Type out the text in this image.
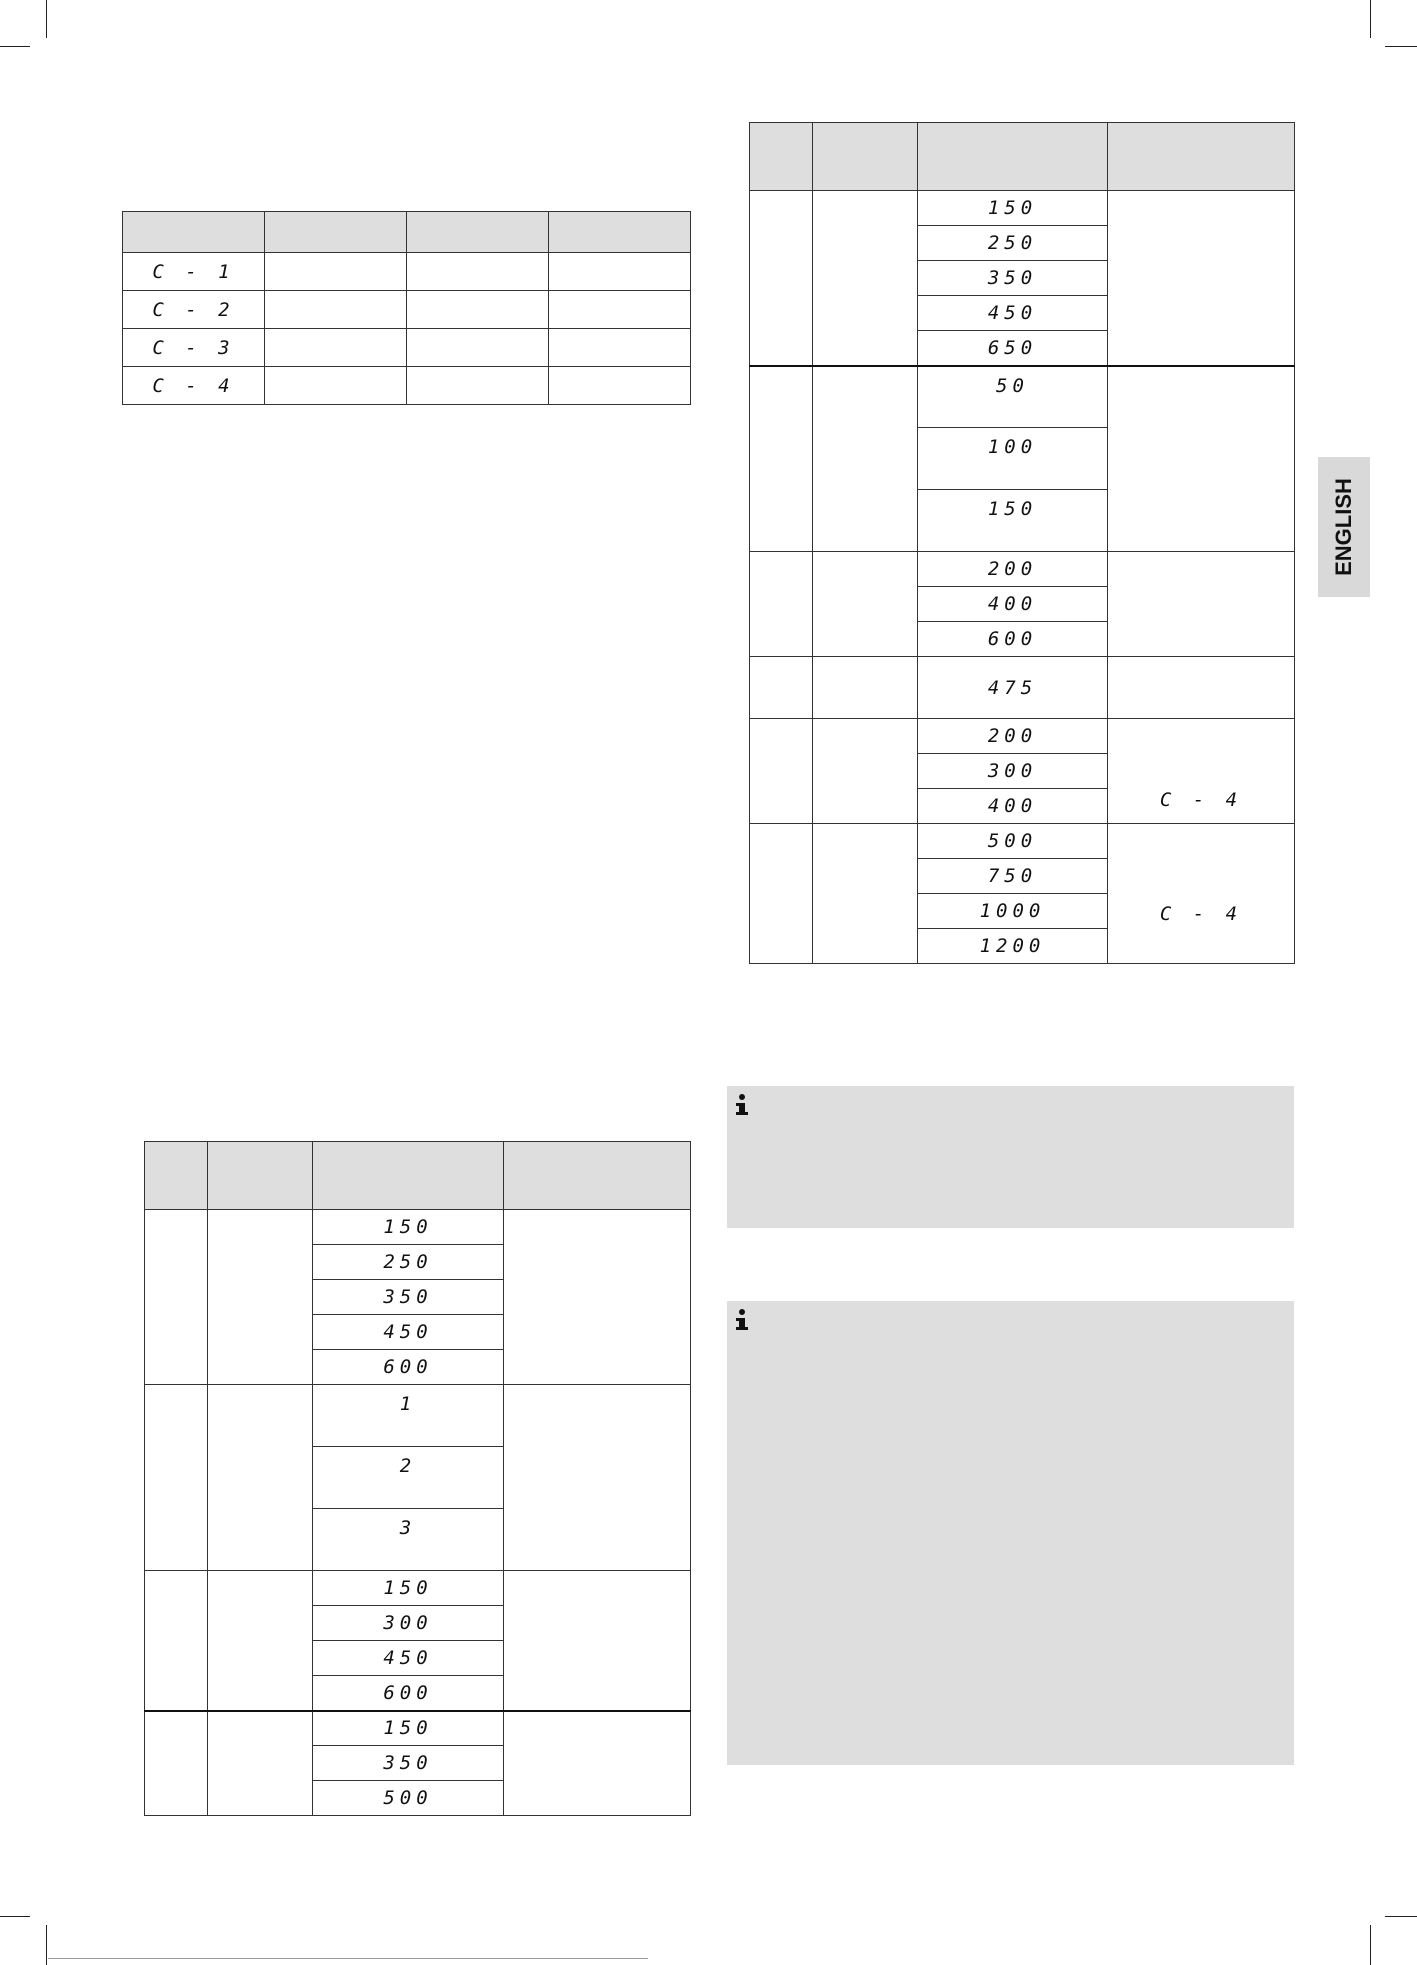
ENGLISH

C - 1			
C - 2			
C - 3			
C - 4			

		150	
		250	
		350	
		450	
		650	
		50	
		100	
		150	
		200	
		400	
		600	
		475	
		200	C - 4
		300	
		400	
		500	C - 4
		750	
		1000	
		1200	

		150	
		250	
		350	
		450	
		600	
		1	
		2	
		3	
		150	
		300	
		450	
		600	
		150	
		350	
		500	
